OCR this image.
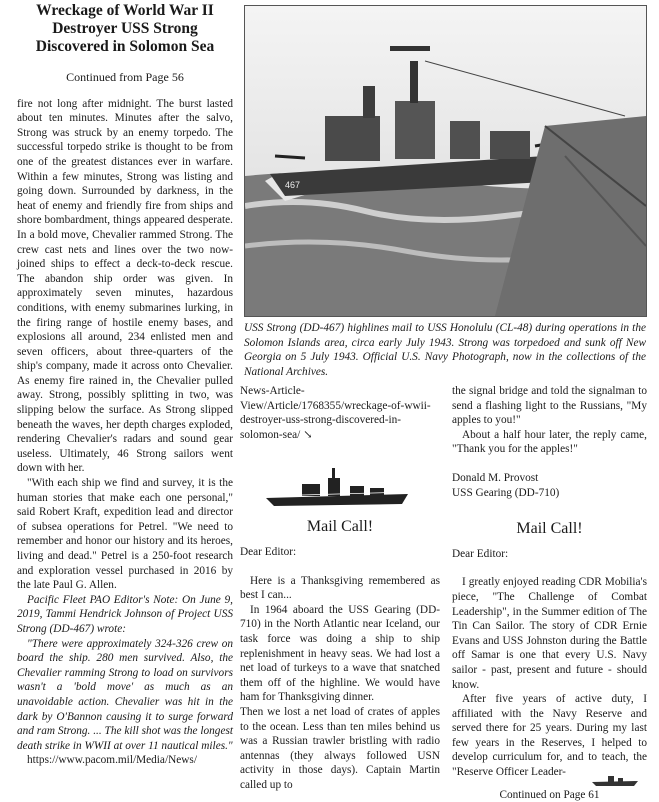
Wreckage of World War II Destroyer USS Strong Discovered in Solomon Sea
Continued from Page 56

fire not long after midnight. The burst lasted about ten minutes. Minutes after the salvo, Strong was struck by an enemy torpedo. The successful torpedo strike is thought to be from one of the greatest distances ever in warfare. Within a few minutes, Strong was listing and going down. Surrounded by darkness, in the heat of enemy and friendly fire from ships and shore bombardment, things appeared desperate. In a bold move, Chevalier rammed Strong. The crew cast nets and lines over the two now-joined ships to effect a deck-to-deck rescue. The abandon ship order was given. In approximately seven minutes, hazardous conditions, with enemy submarines lurking, in the firing range of hostile enemy bases, and explosions all around, 234 enlisted men and seven officers, about three-quarters of the ship's company, made it across onto Chevalier. As enemy fire rained in, the Chevalier pulled away. Strong, possibly splitting in two, was slipping below the surface. As Strong slipped beneath the waves, her depth charges exploded, rendering Chevalier's radars and sound gear useless. Ultimately, 46 Strong sailors went down with her.

"With each ship we find and survey, it is the human stories that make each one personal," said Robert Kraft, expedition lead and director of subsea operations for Petrel. "We need to remember and honor our history and its heroes, living and dead." Petrel is a 250-foot research and exploration vessel purchased in 2016 by the late Paul G. Allen.

Pacific Fleet PAO Editor's Note: On June 9, 2019, Tammi Hendrick Johnson of Project USS Strong (DD-467) wrote:

"There were approximately 324-326 crew on board the ship. 280 men survived. Also, the Chevalier ramming Strong to load on survivors wasn't a 'bold move' as much as an unavoidable action. Chevalier was hit in the dark by O'Bannon causing it to surge forward and ram Strong. ... The kill shot was the longest death strike in WWII at over 11 nautical miles."

https://www.pacom.mil/Media/News/

467
USS Strong (DD-467) highlines mail to USS Honolulu (CL-48) during operations in the Solomon Islands area, circa early July 1943. Strong was torpedoed and sunk off New Georgia on 5 July 1943. Official U.S. Navy Photograph, now in the collections of the National Archives.

News-Article-View/Article/1768355/wreckage-of-wwii-destroyer-uss-strong-discovered-in-solomon-sea/ ↘

Mail Call!

Dear Editor:

Here is a Thanksgiving remembered as best I can...

In 1964 aboard the USS Gearing (DD-710) in the North Atlantic near Iceland, our task force was doing a ship to ship replenishment in heavy seas. We had lost a net load of turkeys to a wave that snatched them off of the highline. We would have ham for Thanksgiving dinner.

Then we lost a net load of crates of apples to the ocean. Less than ten miles behind us was a Russian trawler bristling with radio antennas (they always followed USN activity in those days). Captain Martin called up to

the signal bridge and told the signalman to send a flashing light to the Russians, "My apples to you!"

About a half hour later, the reply came, "Thank you for the apples!"

Donald M. Provost

USS Gearing (DD-710)

Mail Call!

Dear Editor:

I greatly enjoyed reading CDR Mobilia's piece, "The Challenge of Combat Leadership", in the Summer edition of The Tin Can Sailor. The story of CDR Ernie Evans and USS Johnston during the Battle off Samar is one that every U.S. Navy sailor - past, present and future - should know.

After five years of active duty, I affiliated with the Navy Reserve and served there for 25 years. During my last few years in the Reserves, I helped to develop curriculum for, and to teach, the "Reserve Officer Leader-

Continued on Page 61
